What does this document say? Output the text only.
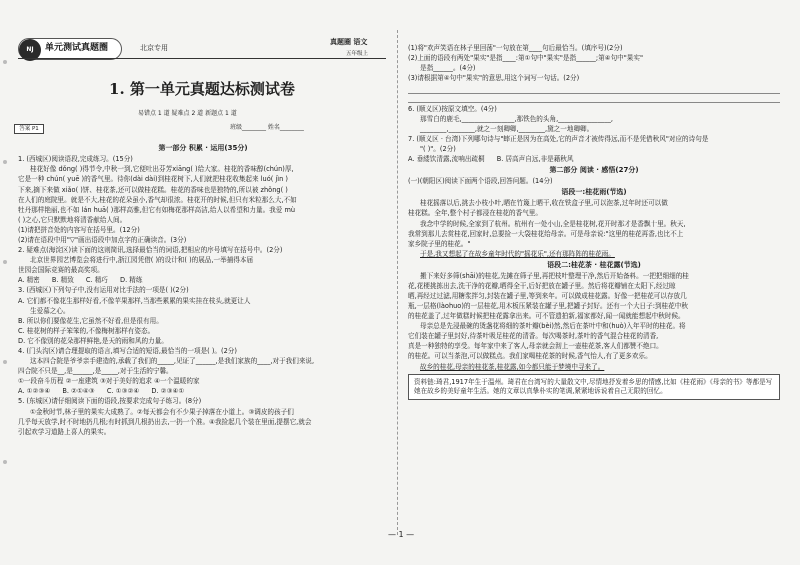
NJ	单元测试真题圈	北京专用
真题圈 语文
五年级上
1. 第一单元真题达标测试卷
易错点 1 道 疑难点 2 道 新题点 1 道
答案 P1	班级________ 姓名________
第一部分 积累 · 运用(35分)

1. (西城区)阅读语段,完成练习。(15分)

桂花好像 dǒng( )得节令,中秋一到,它便吐出芬芳xiāng( )给大家。桂花的香味醇(chún)厚,

它是一种 chún( yuē )的香气里。待你(dài dài)到桂花树下,人们就把桂花收集起来 luó( jìn )

下来,摘下来做 xiǎo( )饼、桂花茶,还可以做桂花糕。桂花的香味也是独特的,所以被 zhǒng( )

在人们的庭院里。就是不大,桂花的花朵虽小,香气却很浓。桂花开的时候,但只有米粒那么大,不如

牡丹那样艳丽,也不如 lán huā( )那样高雅,但它有如梅花那样高洁,给人以希望和力量。我爱 mù

( )之心,它只默默地将清香献给人间。

(1)请把拼音处的内容写在括号里。(12分)

(2)请在语段中用"▽"画出语段中加点字的正确读音。(3分)

2. 疑难点(海淀区)读下面的这则简讯,选择最恰当的词语,把相应的序号填写在括号中。(2分)

北京世界园艺博览会将进行中,浙江园凭借( )的设计和( )的展品,一举捕得本届

世园会国际竞赛的最高奖项。

A. 精密 B. 精致 C. 精巧 D. 精练

3. (西城区)下列句子中,没有运用对比手法的一项是( )(2分)

A. 它们都不像花生那样好看,不像苹果那样,当那些累累的果实挂在枝头,就更让人

生爱慕之心。

B. 所以你们要像花生,它虽然不好看,但是很有用。

C. 桂花树的样子笨笨的,不像梅树那样有姿态。

D. 它不像别的花朵那样鲜艳,是天的雨和风的力量。

4. (门头沟区)请合理提取的语言,填写合适的短语,最恰当的一项是( )。(2分)

这本四合院是爷爷亲手建造的,承载了我们的_____,见证了______,是我们家族的____,对于我们来说,

四合院不只是__,是______,是_____,对于生活的宁馨。

①一段奋斗历程 ②一座建筑 ③对于美好的追求 ④一个温暖的家

A. ①②③④ B. ②①④③ C. ①③②④ D. ②③④①

5. (东城区)请仔细阅读下面的语段,按要求完成句子练习。(8分)

①金秋时节,林子里的果实大成熟了。②每天都会有不少果子掉落在小道上。③调皮的孩子们

几乎每天放学,时不时地扔几根;有时抓到几根扔出去,一扔一个准。④我捡起几个装在里面,提摆它,就会

引起欢学习道路上喜人的果实。

(1)将"欢声笑语在林子里回荡"一句放在第____句后最恰当。(填序号)(2分)

(2)上面的语段有两处"果实"是指____:第①句中"果实"是指______;第④句中"果实"

是指______。(4分)

(3)请根据第④句中"果实"的意思,用这个词写一句话。(2分)

6. (顺义区)按原文填空。(4分)

那雪白的鹿毛,________________,那铁色的头角,________________,

________,________,就之一刻卿卿,________,黛之一地卿卿。

7. (顺义区 · 台湾)下列哪句诗与"蟀正是因为在高处,它的声音才被传得远,而不是凭借秋风"对应的诗句是

"( )"。(2分)

A. 垂緌饮清露,流响出疏桐 B. 居高声自远,非是藉秋风

第二部分 阅读 · 感悟(27分)

(一)(朝阳区)阅读下面两个语段,回答问题。(14分)

语段一:桂花雨(节选)

桂花摇落以后,挑去小枝小叶,晒在竹篾上晒干,收在铁盒子里,可以泡茶,过年时还可以做

桂花糕。全年,整个村子都浸在桂花的香气里。

我念中学的时候,全家到了杭州。杭州有一处小山,全是桂花树,花开时那才是香飘十里。秋天,

我常到那儿去赏桂花,回家时,总要捡一大袋桂花给母亲。可是母亲说:"这里的桂花再香,也比不上

家乡院子里的桂花。"

于是,我又想起了在故乡童年时代的"摇花乐",还有那阵阵的桂花雨。

语段二:桂花茶 · 桂花露(节选)

搬下来好多筛(shāi)的桂花,先摊在筛子里,再把枝叶整理干净,然后开始备料。一把把细细的桂

花,花梗挑拣出去,洗干净的花瓣,晒得全干,后好把放在罐子里。然后将花瓣铺在太阳下,经过晾

晒,再经过过滤,用糖浆拌匀,封装在罐子里,等到来年。可以做成桂花露。好像一把桂花可以存放几

瓶,一层格(làohuo)的一层桂花,用木板压紧装在罐子里,把罐子封好。还有一个大日子:到桂花中秋

的桂花盖了,过年做糕时候把桂花露拿出来。可不管遗拍新,福家都好,闻一闻就能想起中秋时候。

母亲总是先浸最碗的烫盏花将细的茶叶瓣(bèi)然,然后在茶叶中和(huò)入年平时的桂花。将

它们装在罐子里封好,待茶叶吸足桂花的清香。每次喝茶时,茶叶的香气混合桂花的清香,

真是一种独特的享受。每年家中来了客人,母亲就会沏上一壶桂花茶,客人们都赞不绝口。

的桂花。可以当茶泡,可以做糕点。我们家喝桂花茶的时候,香气怡人,有了更多欢乐。

故乡的桂花,母亲的桂花茶,桂花露,如今都只能于梦境中寻来了。

资料链:琦君,1917年生于温州。琦君在台湾写的大量散文中,尽情地抒发着乡思的情感,比如《桂花雨》《母亲的书》等都是写她在故乡的美好童年生活。她的文章以真挚朴实的笔调,紧紧地诉说着自己无限的回忆。
— 1 —
